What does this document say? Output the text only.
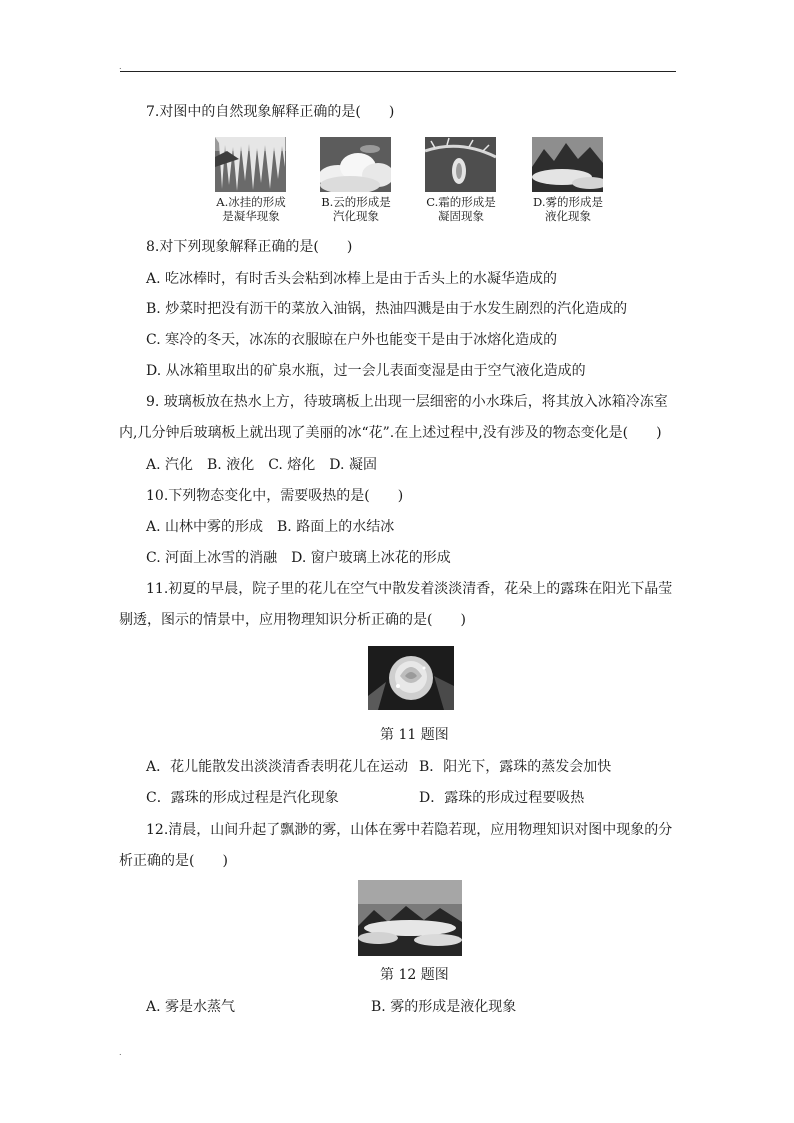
.
7.对图中的自然现象解释正确的是(　　)
A.冰挂的形成
是凝华现象
B.云的形成是
汽化现象
C.霜的形成是
凝固现象
D.雾的形成是
液化现象
8.对下列现象解释正确的是(　　)
A. 吃冰棒时，有时舌头会粘到冰棒上是由于舌头上的水凝华造成的
B. 炒菜时把没有沥干的菜放入油锅，热油四溅是由于水发生剧烈的汽化造成的
C. 寒冷的冬天，冰冻的衣服晾在户外也能变干是由于冰熔化造成的
D. 从冰箱里取出的矿泉水瓶，过一会儿表面变湿是由于空气液化造成的
9. 玻璃板放在热水上方，待玻璃板上出现一层细密的小水珠后，将其放入冰箱冷冻室
内,几分钟后玻璃板上就出现了美丽的冰“花”.在上述过程中,没有涉及的物态变化是(　　)
A. 汽化　B. 液化　C. 熔化　D. 凝固
10.下列物态变化中，需要吸热的是(　　)
A. 山林中雾的形成　B. 路面上的水结冰
C. 河面上冰雪的消融　D. 窗户玻璃上冰花的形成
11.初夏的早晨，院子里的花儿在空气中散发着淡淡清香，花朵上的露珠在阳光下晶莹
剔透，图示的情景中，应用物理知识分析正确的是(　　)
第 11 题图
A．花儿能散发出淡淡清香表明花儿在运动 B．阳光下，露珠的蒸发会加快
C．露珠的形成过程是汽化现象	D．露珠的形成过程要吸热
12.清晨，山间升起了飘渺的雾，山体在雾中若隐若现，应用物理知识对图中现象的分
析正确的是(　　)
第 12 题图
A. 雾是水蒸气	B. 雾的形成是液化现象
.
